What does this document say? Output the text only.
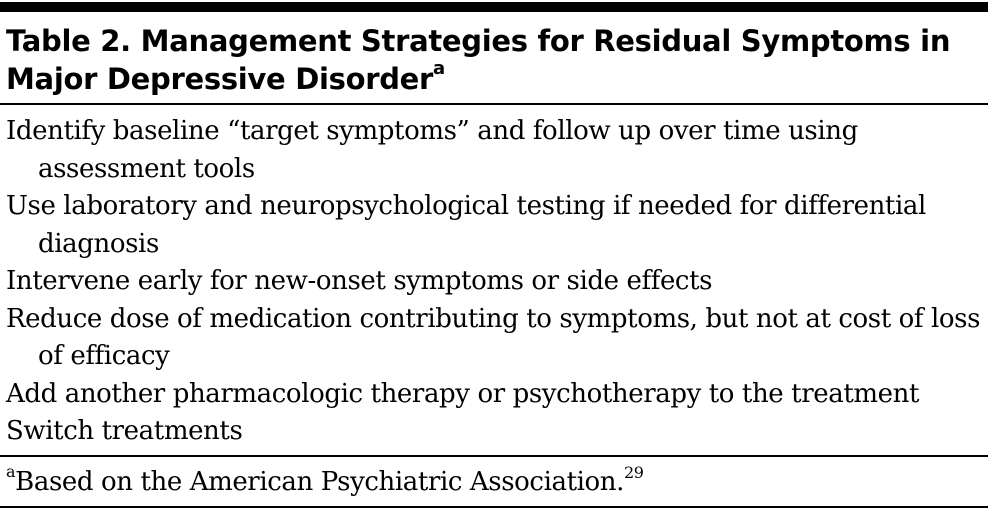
Table 2. Management Strategies for Residual Symptoms in Major Depressive Disorder$^a$
Identify baseline “target symptoms” and follow up over time using assessment tools
Use laboratory and neuropsychological testing if needed for differential diagnosis
Intervene early for new-onset symptoms or side effects
Reduce dose of medication contributing to symptoms, but not at cost of loss of efficacy
Add another pharmacologic therapy or psychotherapy to the treatment
Switch treatments

$^a$Based on the American Psychiatric Association.$^{29}$
